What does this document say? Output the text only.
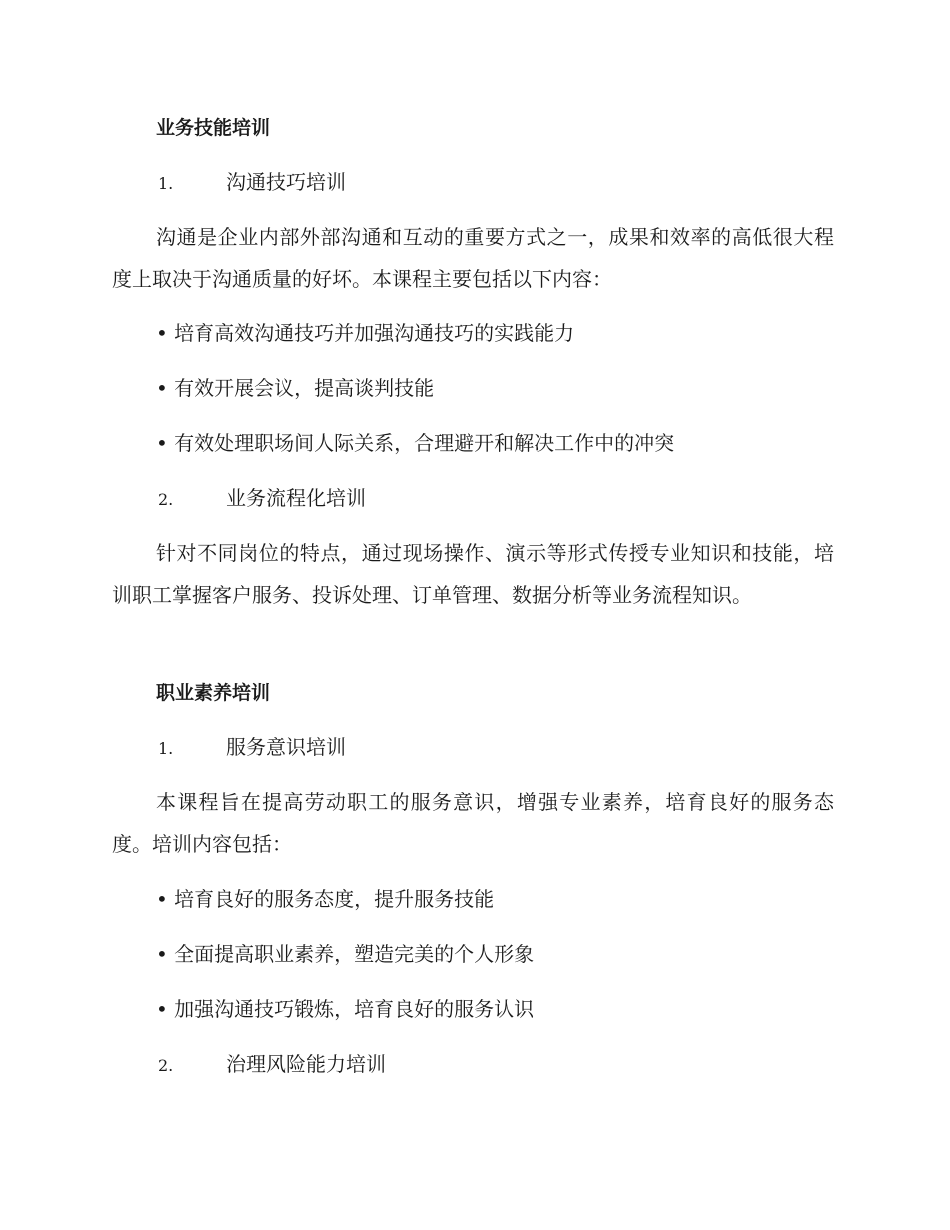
业务技能培训
1.	沟通技巧培训
沟通是企业内部外部沟通和互动的重要方式之一，成果和效率的高低很大程度上取决于沟通质量的好坏。本课程主要包括以下内容：
• 培育高效沟通技巧并加强沟通技巧的实践能力
• 有效开展会议，提高谈判技能
• 有效处理职场间人际关系，合理避开和解决工作中的冲突
2.	业务流程化培训
针对不同岗位的特点，通过现场操作、演示等形式传授专业知识和技能，培训职工掌握客户服务、投诉处理、订单管理、数据分析等业务流程知识。
职业素养培训
1.	服务意识培训
本课程旨在提高劳动职工的服务意识，增强专业素养，培育良好的服务态度。培训内容包括：
• 培育良好的服务态度，提升服务技能
• 全面提高职业素养，塑造完美的个人形象
• 加强沟通技巧锻炼，培育良好的服务认识
2.	治理风险能力培训
